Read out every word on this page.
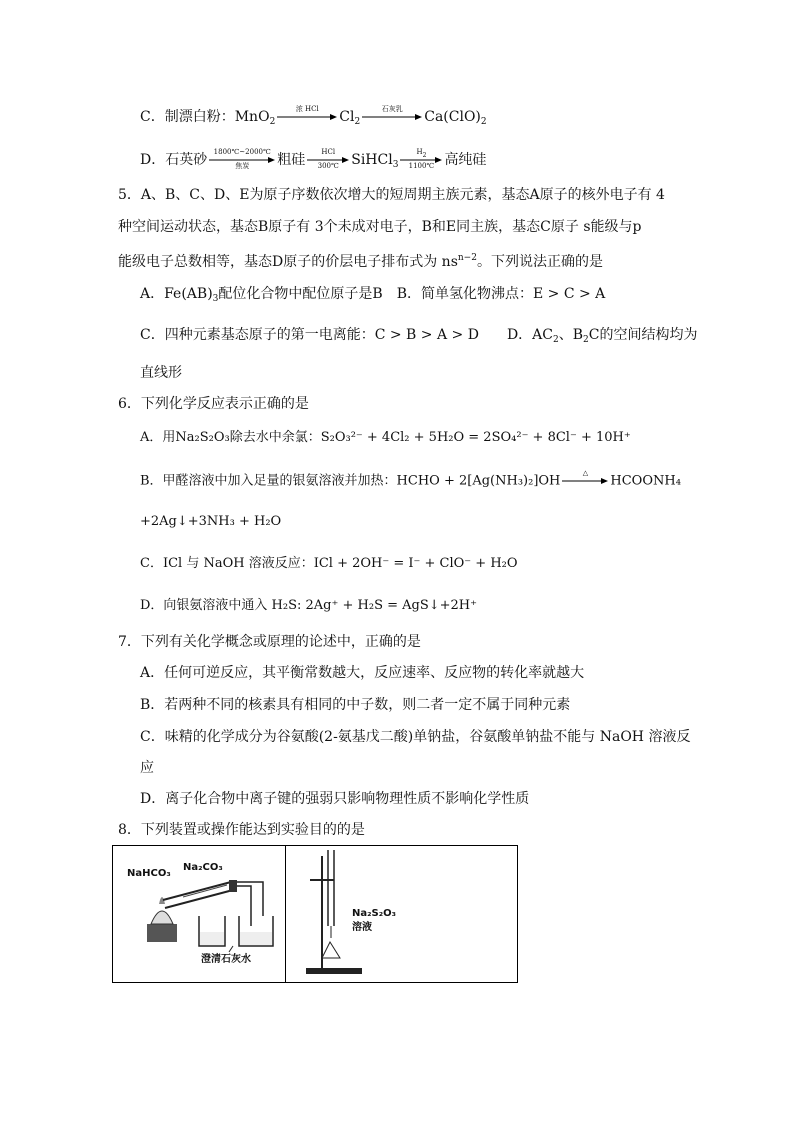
C．制漂白粉：MnO$_2$
浓 HCl	$Cl_2$
石灰乳	$Ca(ClO)_2$
D．石英砂 1800℃~2000℃
焦炭	粗硅	HCl
300℃ SiHCl$_3$
$H_2$
1100℃ 高纯硅
5．A、B、C、D、E为原子序数依次增大的短周期主族元素，基态A原子的核外电子有 4
种空间运动状态，基态B原子有 3个未成对电子，B和E同主族，基态C原子 s能级与p
能级电子总数相等，基态D原子的价层电子排布式为 $ns^{n-2}$。下列说法正确的是
A．$Fe(AB)_3$配位化合物中配位原子是B　B．简单氢化物沸点：E > C > A
C．四种元素基态原子的第一电离能：C > B > A > D　　D．$AC_2$、$B_2C$的空间结构均为
直线形
6．下列化学反应表示正确的是
A．用Na₂S₂O₃除去水中余氯：S₂O₃²⁻ + 4Cl₂ + 5H₂O = 2SO₄²⁻ + 8Cl⁻ + 10H⁺
B．甲醛溶液中加入足量的银氨溶液并加热：HCHO + 2[Ag(NH₃)₂]OH
△
HCOONH₄
+2Ag↓+3NH₃ + H₂O
C．ICl 与 NaOH 溶液反应：ICl + 2OH⁻ = I⁻ + ClO⁻ + H₂O
D．向银氨溶液中通入 H₂S: 2Ag⁺ + H₂S = AgS↓+2H⁺
7．下列有关化学概念或原理的论述中，正确的是
A．任何可逆反应，其平衡常数越大，反应速率、反应物的转化率就越大
B．若两种不同的核素具有相同的中子数，则二者一定不属于同种元素
C．味精的化学成分为谷氨酸(2-氨基戊二酸)单钠盐，谷氨酸单钠盐不能与 NaOH 溶液反
应
D．离子化合物中离子键的强弱只影响物理性质不影响化学性质
8．下列装置或操作能达到实验目的的是
NaHCO₃
Na₂CO₃
澄清石灰水
Na₂S₂O₃
溶液
